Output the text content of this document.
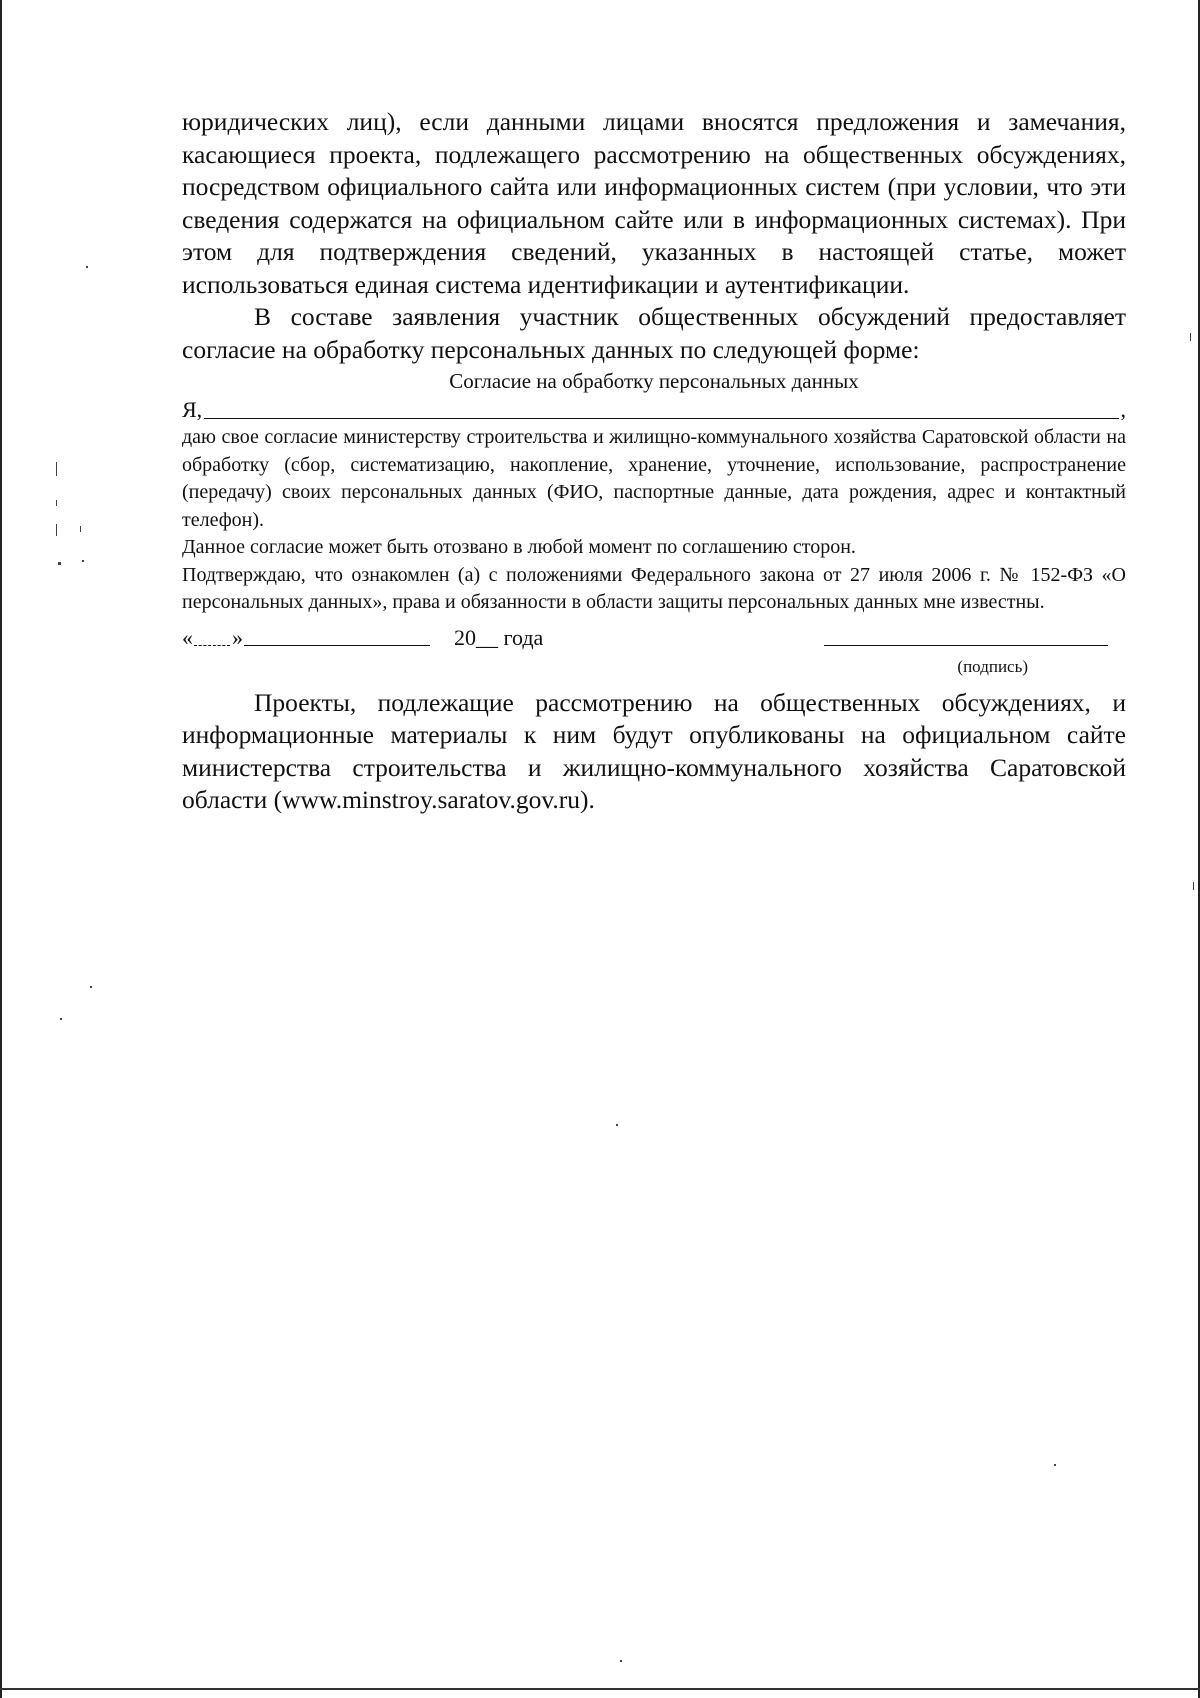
юридических лиц), если данными лицами вносятся предложения и замечания, касающиеся проекта, подлежащего рассмотрению на общественных обсуждениях, посредством официального сайта или информационных систем (при условии, что эти сведения содержатся на официальном сайте или в информационных системах). При этом для подтверждения сведений, указанных в настоящей статье, может использоваться единая система идентификации и аутентификации.

В составе заявления участник общественных обсуждений предоставляет согласие на обработку персональных данных по следующей форме:

Согласие на обработку персональных данных
Я,	,

даю свое согласие министерству строительства и жилищно-коммунального хозяйства Саратовской области на обработку (сбор, систематизацию, накопление, хранение, уточнение, использование, распространение (передачу) своих персональных данных (ФИО, паспортные данные, дата рождения, адрес и контактный телефон).

Данное согласие может быть отозвано в любой момент по соглашению сторон.

Подтверждаю, что ознакомлен (а) с положениями Федерального закона от 27 июля 2006 г. № 152-ФЗ «О персональных данных», права и обязанности в области защиты персональных данных мне известны.

« »	20__ года
(подпись)

Проекты, подлежащие рассмотрению на общественных обсуждениях, и информационные материалы к ним будут опубликованы на официальном сайте министерства строительства и жилищно-коммунального хозяйства Саратовской области (www.minstroy.saratov.gov.ru).
